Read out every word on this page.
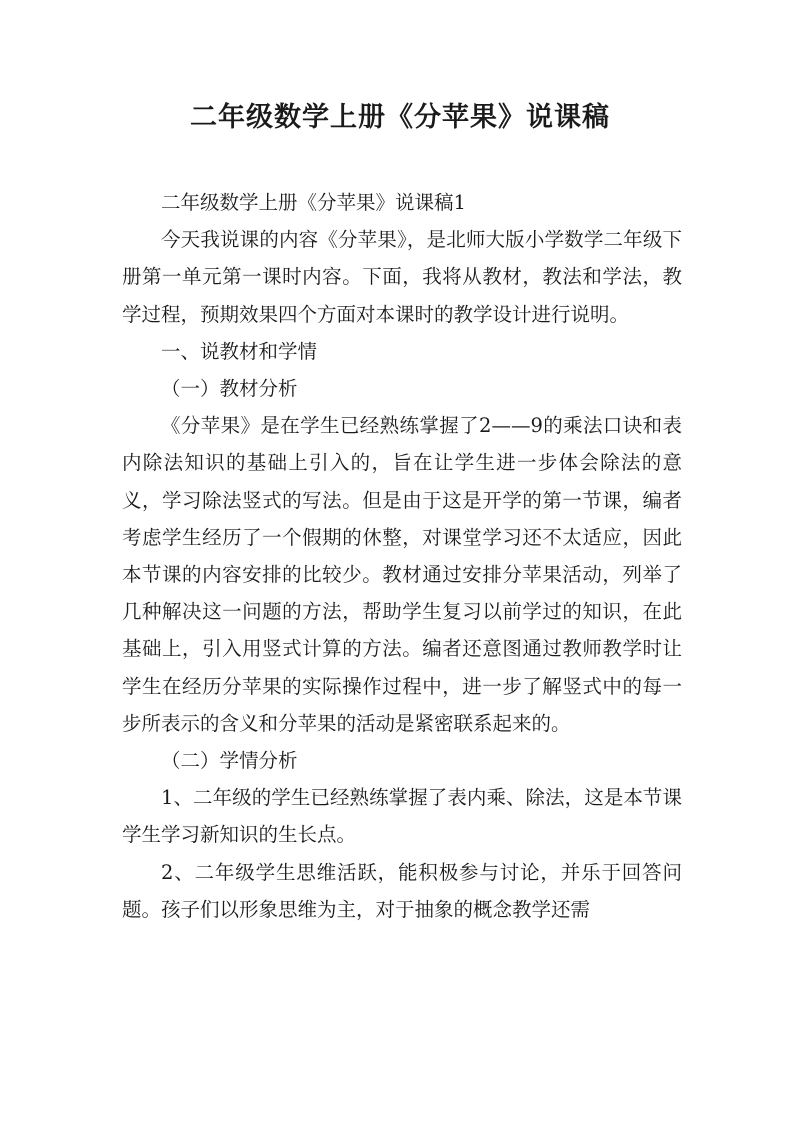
二年级数学上册《分苹果》说课稿

二年级数学上册《分苹果》说课稿1

今天我说课的内容《分苹果》，是北师大版小学数学二年级下册第一单元第一课时内容。下面，我将从教材，教法和学法，教学过程，预期效果四个方面对本课时的教学设计进行说明。

一、说教材和学情

（一）教材分析

《分苹果》是在学生已经熟练掌握了2——9的乘法口诀和表内除法知识的基础上引入的，旨在让学生进一步体会除法的意义，学习除法竖式的写法。但是由于这是开学的第一节课，编者考虑学生经历了一个假期的休整，对课堂学习还不太适应，因此本节课的内容安排的比较少。教材通过安排分苹果活动，列举了几种解决这一问题的方法，帮助学生复习以前学过的知识，在此基础上，引入用竖式计算的方法。编者还意图通过教师教学时让学生在经历分苹果的实际操作过程中，进一步了解竖式中的每一步所表示的含义和分苹果的活动是紧密联系起来的。

（二）学情分析

1、二年级的学生已经熟练掌握了表内乘、除法，这是本节课学生学习新知识的生长点。

2、二年级学生思维活跃，能积极参与讨论，并乐于回答问题。孩子们以形象思维为主，对于抽象的概念教学还需
